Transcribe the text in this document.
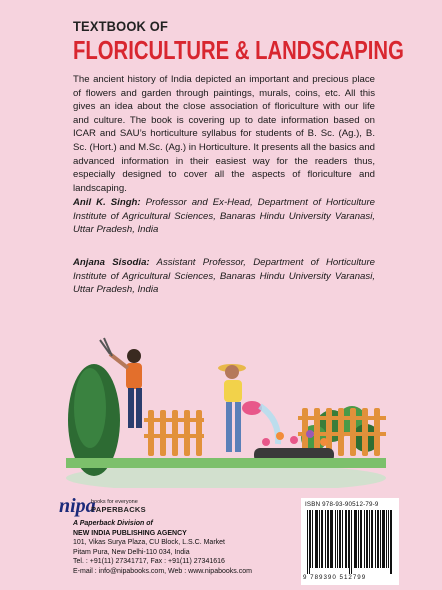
TEXTBOOK OF
FLORICULTURE & LANDSCAPING
The ancient history of India depicted an important and precious place of flowers and garden through paintings, murals, coins, etc. All this gives an idea about the close association of floriculture with our life and culture. The book is covering up to date information based on ICAR and SAU’s horticulture syllabus for students of B. Sc. (Ag.), B. Sc. (Hort.) and M.Sc. (Ag.) in Horticulture. It presents all the basics and advanced information in their easiest way for the readers thus, especially designed to cover all the aspects of floriculture and landscaping.
Anil K. Singh: Professor and Ex-Head, Department of Horticulture Institute of Agricultural Sciences, Banaras Hindu University Varanasi, Uttar Pradesh, India
Anjana Sisodia: Assistant Professor, Department of Horticulture Institute of Agricultural Sciences, Banaras Hindu University Varanasi, Uttar Pradesh, India
nipa
books for everyone
PAPERBACKS
A Paperback Division of
NEW INDIA PUBLISHING AGENCY
101, Vikas Surya Plaza, CU Block, L.S.C. Market
Pitam Pura, New Delhi-110 034, India
Tel. : +91(11) 27341717, Fax : +91(11) 27341616
E-mail : info@nipabooks.com, Web : www.nipabooks.com
ISBN 978-93-90512-79-9
9 789390 512799
